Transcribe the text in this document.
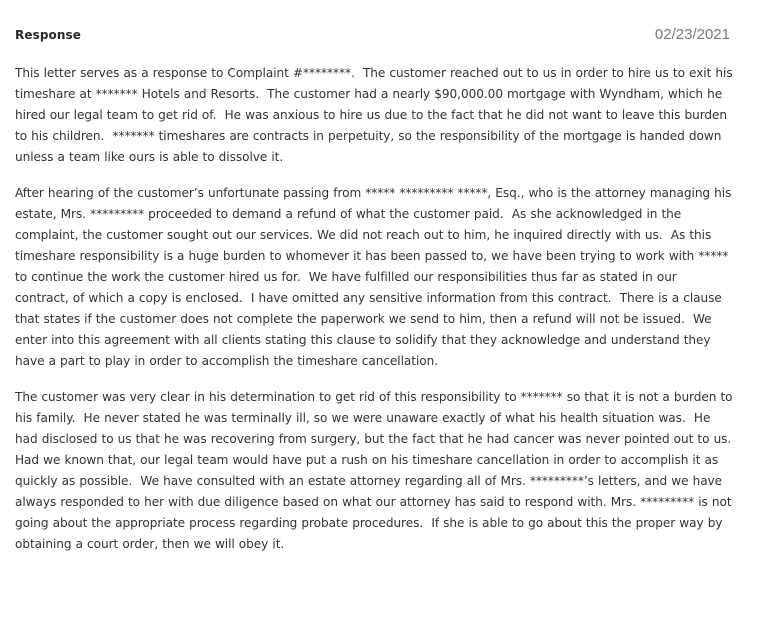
Response	02/23/2021

This letter serves as a response to Complaint #********.  The customer reached out to us in order to hire us to exit his timeshare at ******* Hotels and Resorts.  The customer had a nearly $90,000.00 mortgage with Wyndham, which he hired our legal team to get rid of.  He was anxious to hire us due to the fact that he did not want to leave this burden to his children.  ******* timeshares are contracts in perpetuity, so the responsibility of the mortgage is handed down unless a team like ours is able to dissolve it.

After hearing of the customer’s unfortunate passing from ***** ********* *****, Esq., who is the attorney managing his estate, Mrs. ********* proceeded to demand a refund of what the customer paid.  As she acknowledged in the complaint, the customer sought out our services. We did not reach out to him, he inquired directly with us.  As this timeshare responsibility is a huge burden to whomever it has been passed to, we have been trying to work with ***** to continue the work the customer hired us for.  We have fulfilled our responsibilities thus far as stated in our contract, of which a copy is enclosed.  I have omitted any sensitive information from this contract.  There is a clause that states if the customer does not complete the paperwork we send to him, then a refund will not be issued.  We enter into this agreement with all clients stating this clause to solidify that they acknowledge and understand they have a part to play in order to accomplish the timeshare cancellation.

The customer was very clear in his determination to get rid of this responsibility to ******* so that it is not a burden to his family.  He never stated he was terminally ill, so we were unaware exactly of what his health situation was.  He had disclosed to us that he was recovering from surgery, but the fact that he had cancer was never pointed out to us.  Had we known that, our legal team would have put a rush on his timeshare cancellation in order to accomplish it as quickly as possible.  We have consulted with an estate attorney regarding all of Mrs. *********’s letters, and we have always responded to her with due diligence based on what our attorney has said to respond with. Mrs. ********* is not going about the appropriate process regarding probate procedures.  If she is able to go about this the proper way by obtaining a court order, then we will obey it.
